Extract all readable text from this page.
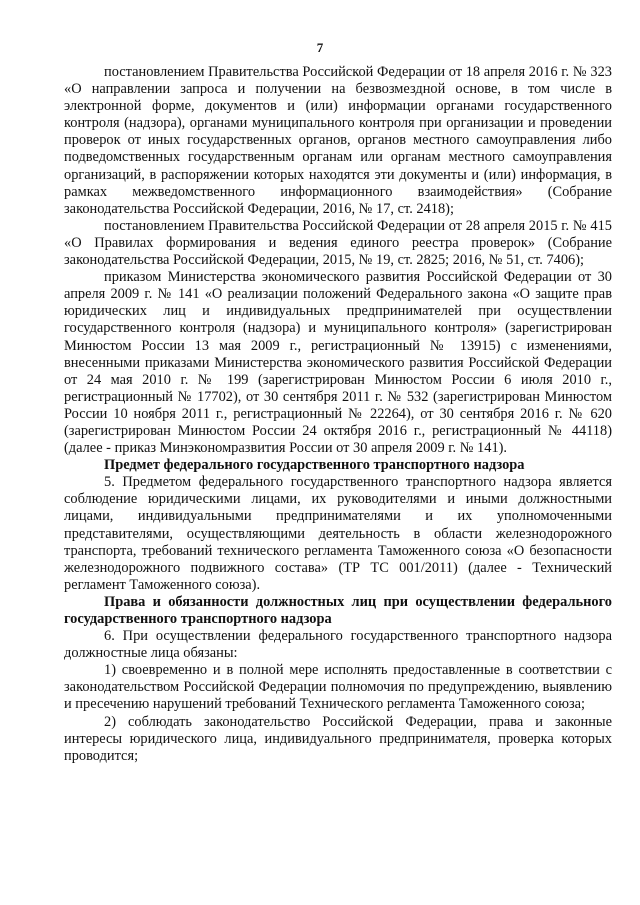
7

постановлением Правительства Российской Федерации от 18 апреля 2016 г. № 323 «О направлении запроса и получении на безвозмездной основе, в том числе в электронной форме, документов и (или) информации органами государственного контроля (надзора), органами муниципального контроля при организации и проведении проверок от иных государственных органов, органов местного самоуправления либо подведомственных государственным органам или органам местного самоуправления организаций, в распоряжении которых находятся эти документы и (или) информация, в рамках межведомственного информационного взаимодействия» (Собрание законодательства Российской Федерации, 2016, № 17, ст. 2418);

постановлением Правительства Российской Федерации от 28 апреля 2015 г. № 415 «О Правилах формирования и ведения единого реестра проверок» (Собрание законодательства Российской Федерации, 2015, № 19, ст. 2825; 2016, № 51, ст. 7406);

приказом Министерства экономического развития Российской Федерации от 30 апреля 2009 г. № 141 «О реализации положений Федерального закона «О защите прав юридических лиц и индивидуальных предпринимателей при осуществлении государственного контроля (надзора) и муниципального контроля» (зарегистрирован Минюстом России 13 мая 2009 г., регистрационный № 13915) с изменениями, внесенными приказами Министерства экономического развития Российской Федерации от 24 мая 2010 г. № 199 (зарегистрирован Минюстом России 6 июля 2010 г., регистрационный № 17702), от 30 сентября 2011 г. № 532 (зарегистрирован Минюстом России 10 ноября 2011 г., регистрационный № 22264), от 30 сентября 2016 г. № 620 (зарегистрирован Минюстом России 24 октября 2016 г., регистрационный № 44118) (далее - приказ Минэкономразвития России от 30 апреля 2009 г. № 141).

Предмет федерального государственного транспортного надзора

5. Предметом федерального государственного транспортного надзора является соблюдение юридическими лицами, их руководителями и иными должностными лицами, индивидуальными предпринимателями и их уполномоченными представителями, осуществляющими деятельность в области железнодорожного транспорта, требований технического регламента Таможенного союза «О безопасности железнодорожного подвижного состава» (ТР ТС 001/2011) (далее - Технический регламент Таможенного союза).

Права и обязанности должностных лиц при осуществлении федерального государственного транспортного надзора

6. При осуществлении федерального государственного транспортного надзора должностные лица обязаны:

1) своевременно и в полной мере исполнять предоставленные в соответствии с законодательством Российской Федерации полномочия по предупреждению, выявлению и пресечению нарушений требований Технического регламента Таможенного союза;

2) соблюдать законодательство Российской Федерации, права и законные интересы юридического лица, индивидуального предпринимателя, проверка которых проводится;
